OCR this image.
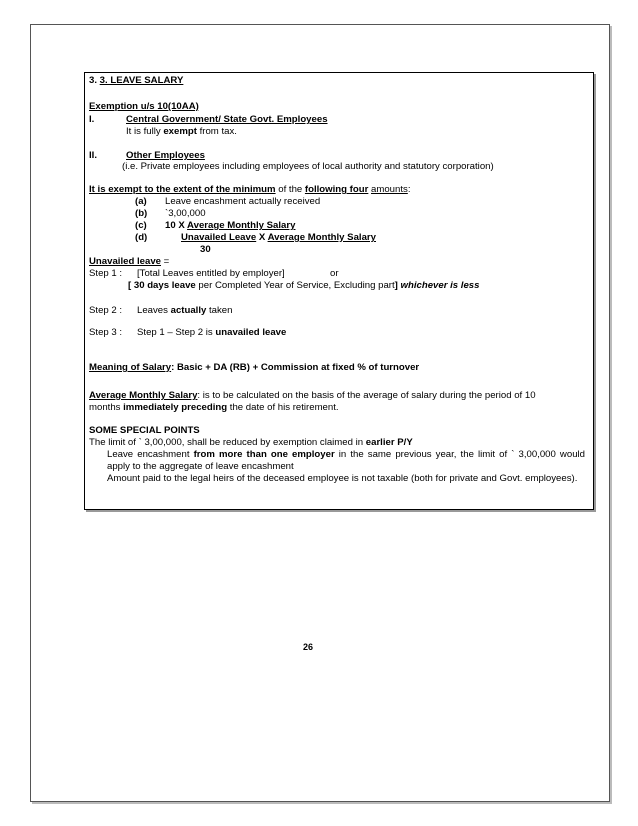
3. 3. LEAVE SALARY
Exemption u/s 10(10AA)
I.	Central Government/ State Govt. Employees
It is fully exempt from tax.
II.	Other Employees
(i.e. Private employees including employees of local authority and statutory corporation)
It is exempt to the extent of the minimum of the following four amounts:
(a) Leave encashment actually received
(b) `3,00,000
(c) 10 X Average Monthly Salary
(d)	Unavailed Leave X Average Monthly Salary
30
Unavailed leave =
Step 1 : [Total Leaves entitled by employer]	or
[ 30 days leave per Completed Year of Service, Excluding part] whichever is less
Step 2 : Leaves actually taken
Step 3 : Step 1 – Step 2 is unavailed leave
Meaning of Salary: Basic + DA (RB) + Commission at fixed % of turnover
Average Monthly Salary: is to be calculated on the basis of the average of salary during the period of 10
months immediately preceding the date of his retirement.
SOME SPECIAL POINTS
The limit of ` 3,00,000, shall be reduced by exemption claimed in earlier P/Y
Leave encashment from more than one employer in the same previous year, the limit of ` 3,00,000 would apply to the aggregate of leave encashment
Amount paid to the legal heirs of the deceased employee is not taxable (both for private and Govt. employees).
26
